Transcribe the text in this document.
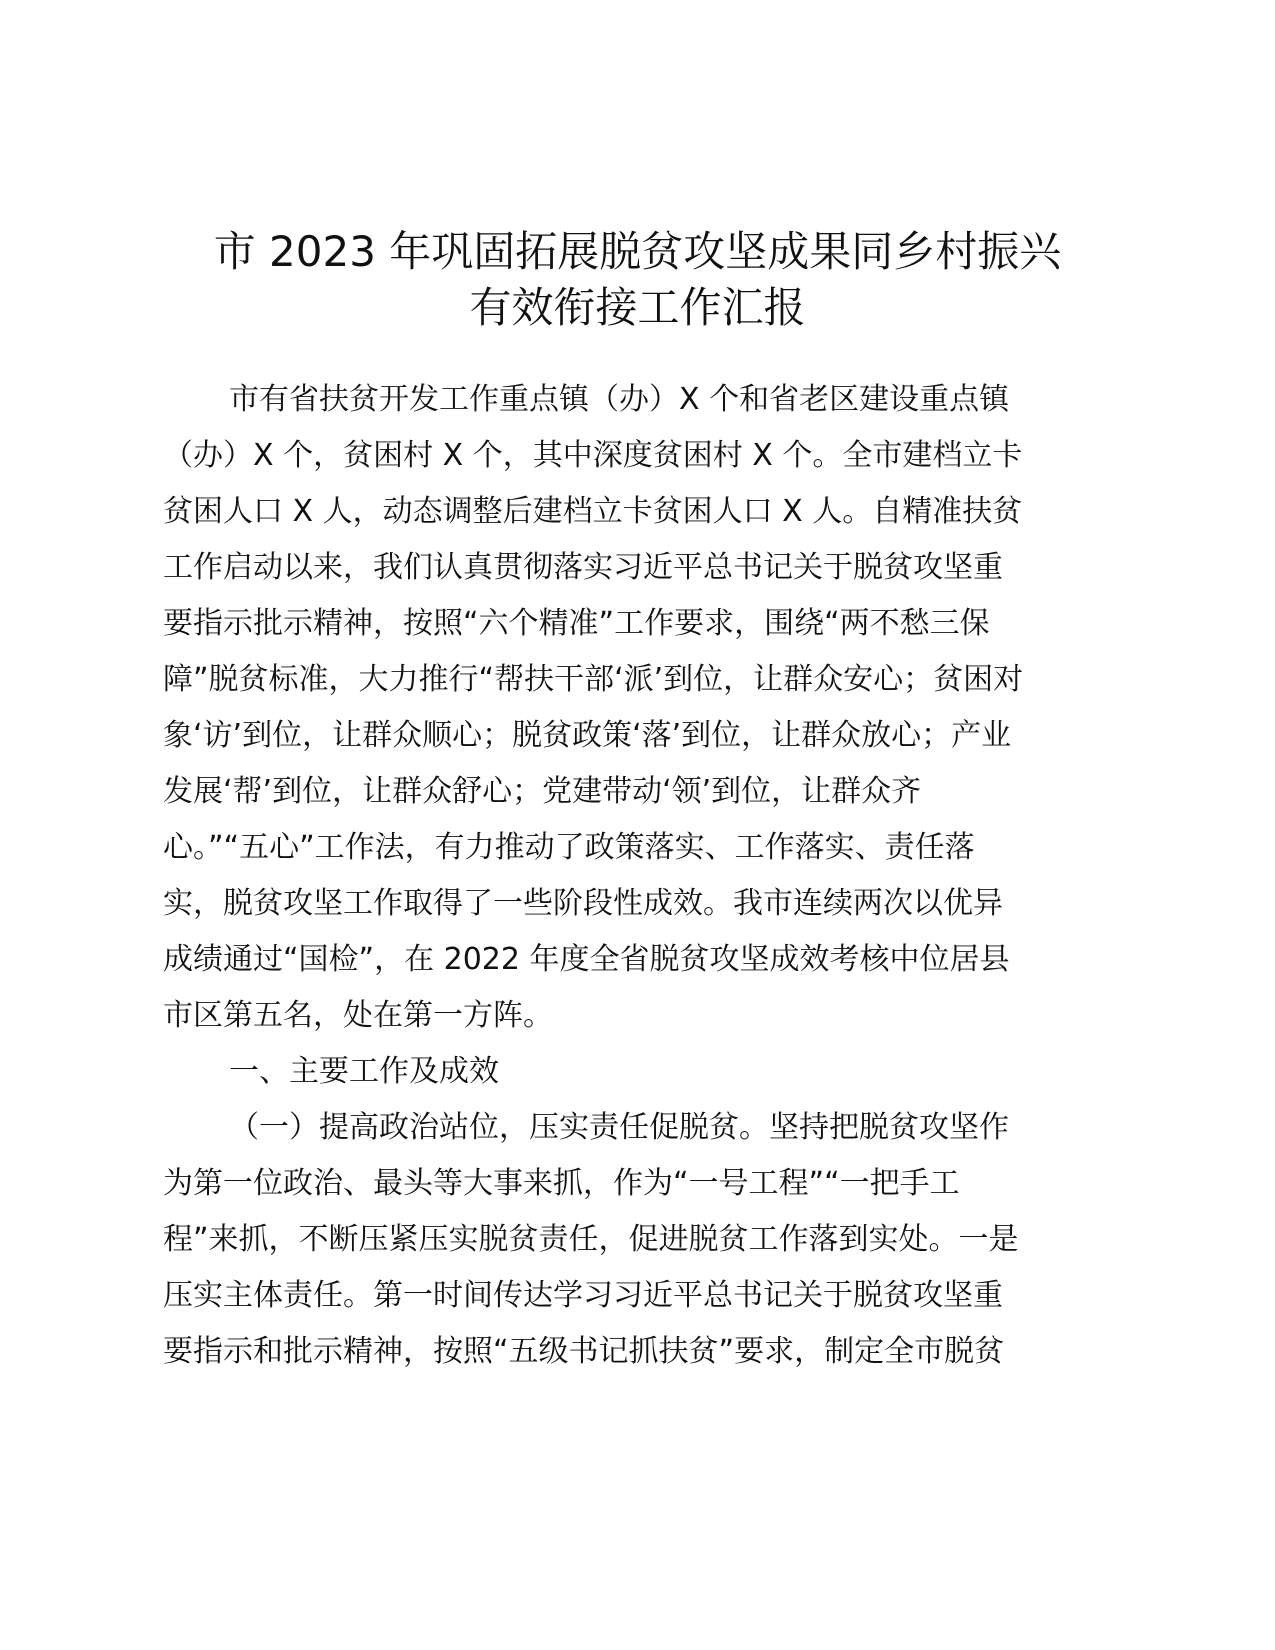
市 2023 年巩固拓展脱贫攻坚成果同乡村振兴
有效衔接工作汇报
市有省扶贫开发工作重点镇（办）X 个和省老区建设重点镇
（办）X 个，贫困村 X 个，其中深度贫困村 X 个。全市建档立卡
贫困人口 X 人，动态调整后建档立卡贫困人口 X 人。自精准扶贫
工作启动以来，我们认真贯彻落实习近平总书记关于脱贫攻坚重
要指示批示精神，按照“六个精准”工作要求，围绕“两不愁三保
障”脱贫标准，大力推行“帮扶干部‘派’到位，让群众安心；贫困对
象‘访’到位，让群众顺心；脱贫政策‘落’到位，让群众放心；产业
发展‘帮’到位，让群众舒心；党建带动‘领’到位，让群众齐
心。”“五心”工作法，有力推动了政策落实、工作落实、责任落
实，脱贫攻坚工作取得了一些阶段性成效。我市连续两次以优异
成绩通过“国检”，在 2022 年度全省脱贫攻坚成效考核中位居县
市区第五名，处在第一方阵。
一、主要工作及成效
（一）提高政治站位，压实责任促脱贫。坚持把脱贫攻坚作
为第一位政治、最头等大事来抓，作为“一号工程”“一把手工
程”来抓，不断压紧压实脱贫责任，促进脱贫工作落到实处。一是
压实主体责任。第一时间传达学习习近平总书记关于脱贫攻坚重
要指示和批示精神，按照“五级书记抓扶贫”要求，制定全市脱贫
